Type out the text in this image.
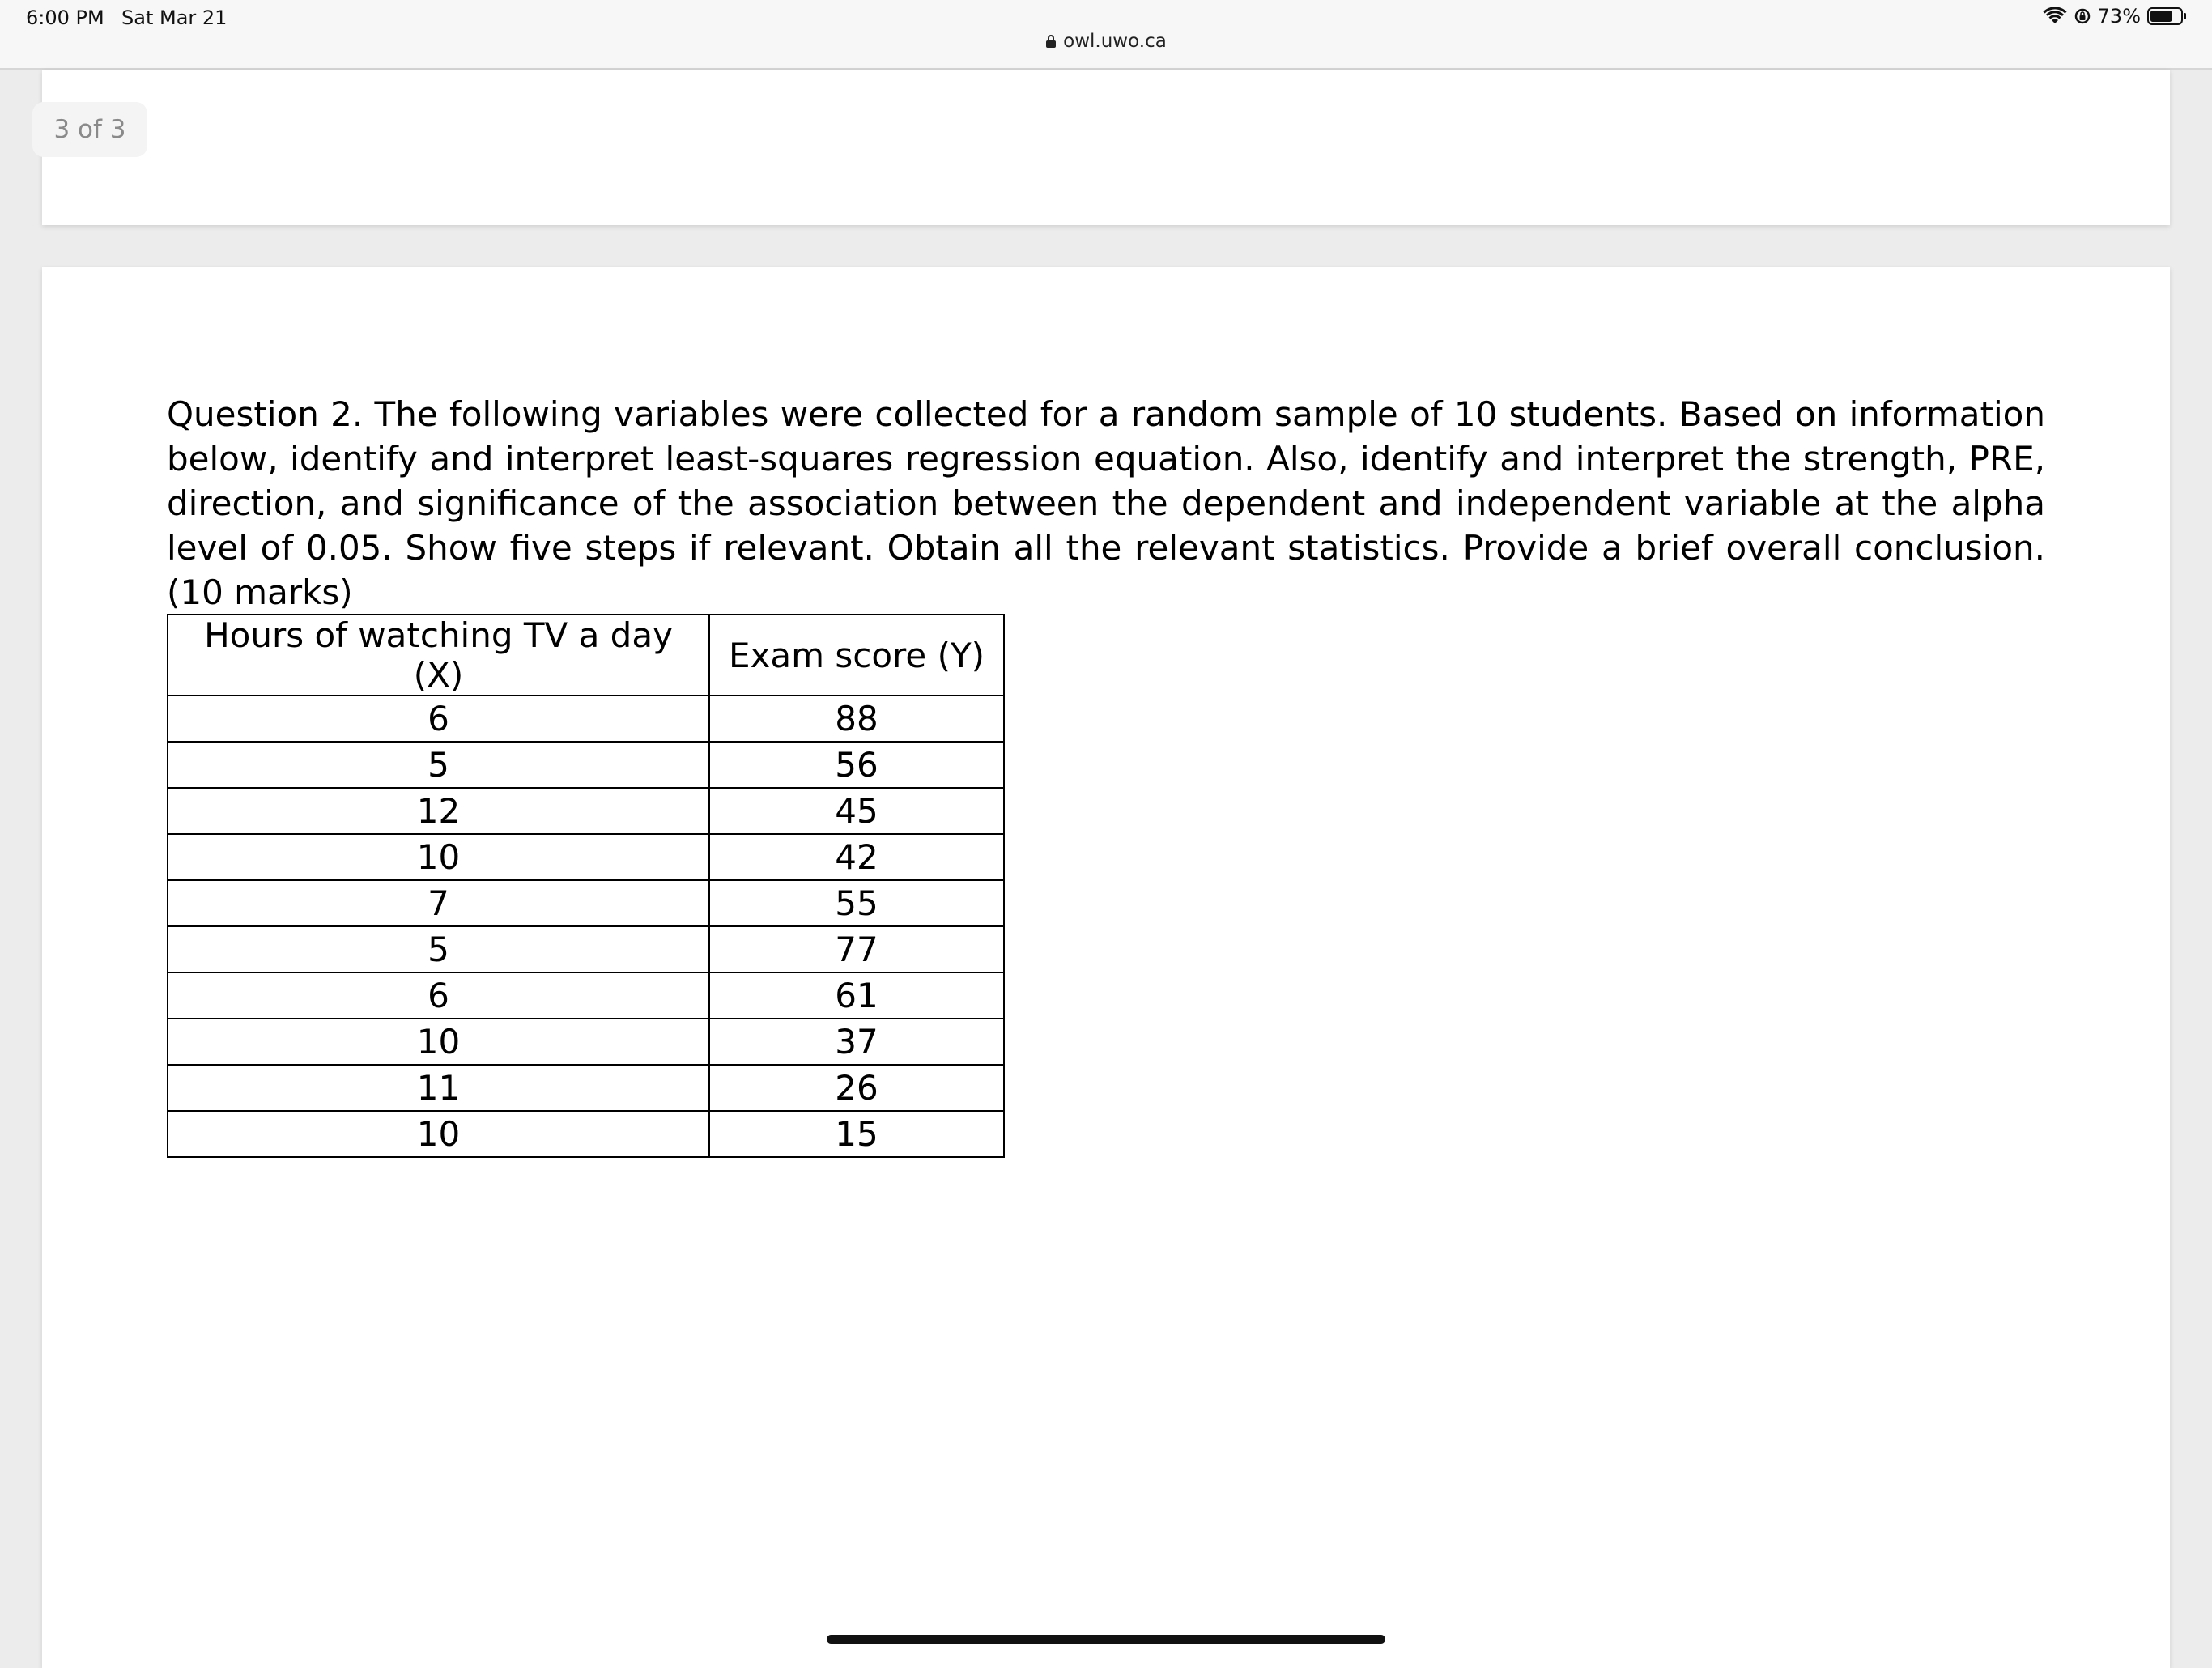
6:00 PM Sat Mar 21
owl.uwo.ca
73%
3 of 3

Question 2. The following variables were collected for a random sample of 10 students. Based on information below, identify and interpret least-squares regression equation. Also, identify and interpret the strength, PRE, direction, and significance of the association between the dependent and independent variable at the alpha level of 0.05. Show five steps if relevant. Obtain all the relevant statistics. Provide a brief overall conclusion. (10 marks)

Hours of watching TV a day (X)	Exam score (Y)
6	88
5	56
12	45
10	42
7	55
5	77
6	61
10	37
11	26
10	15
